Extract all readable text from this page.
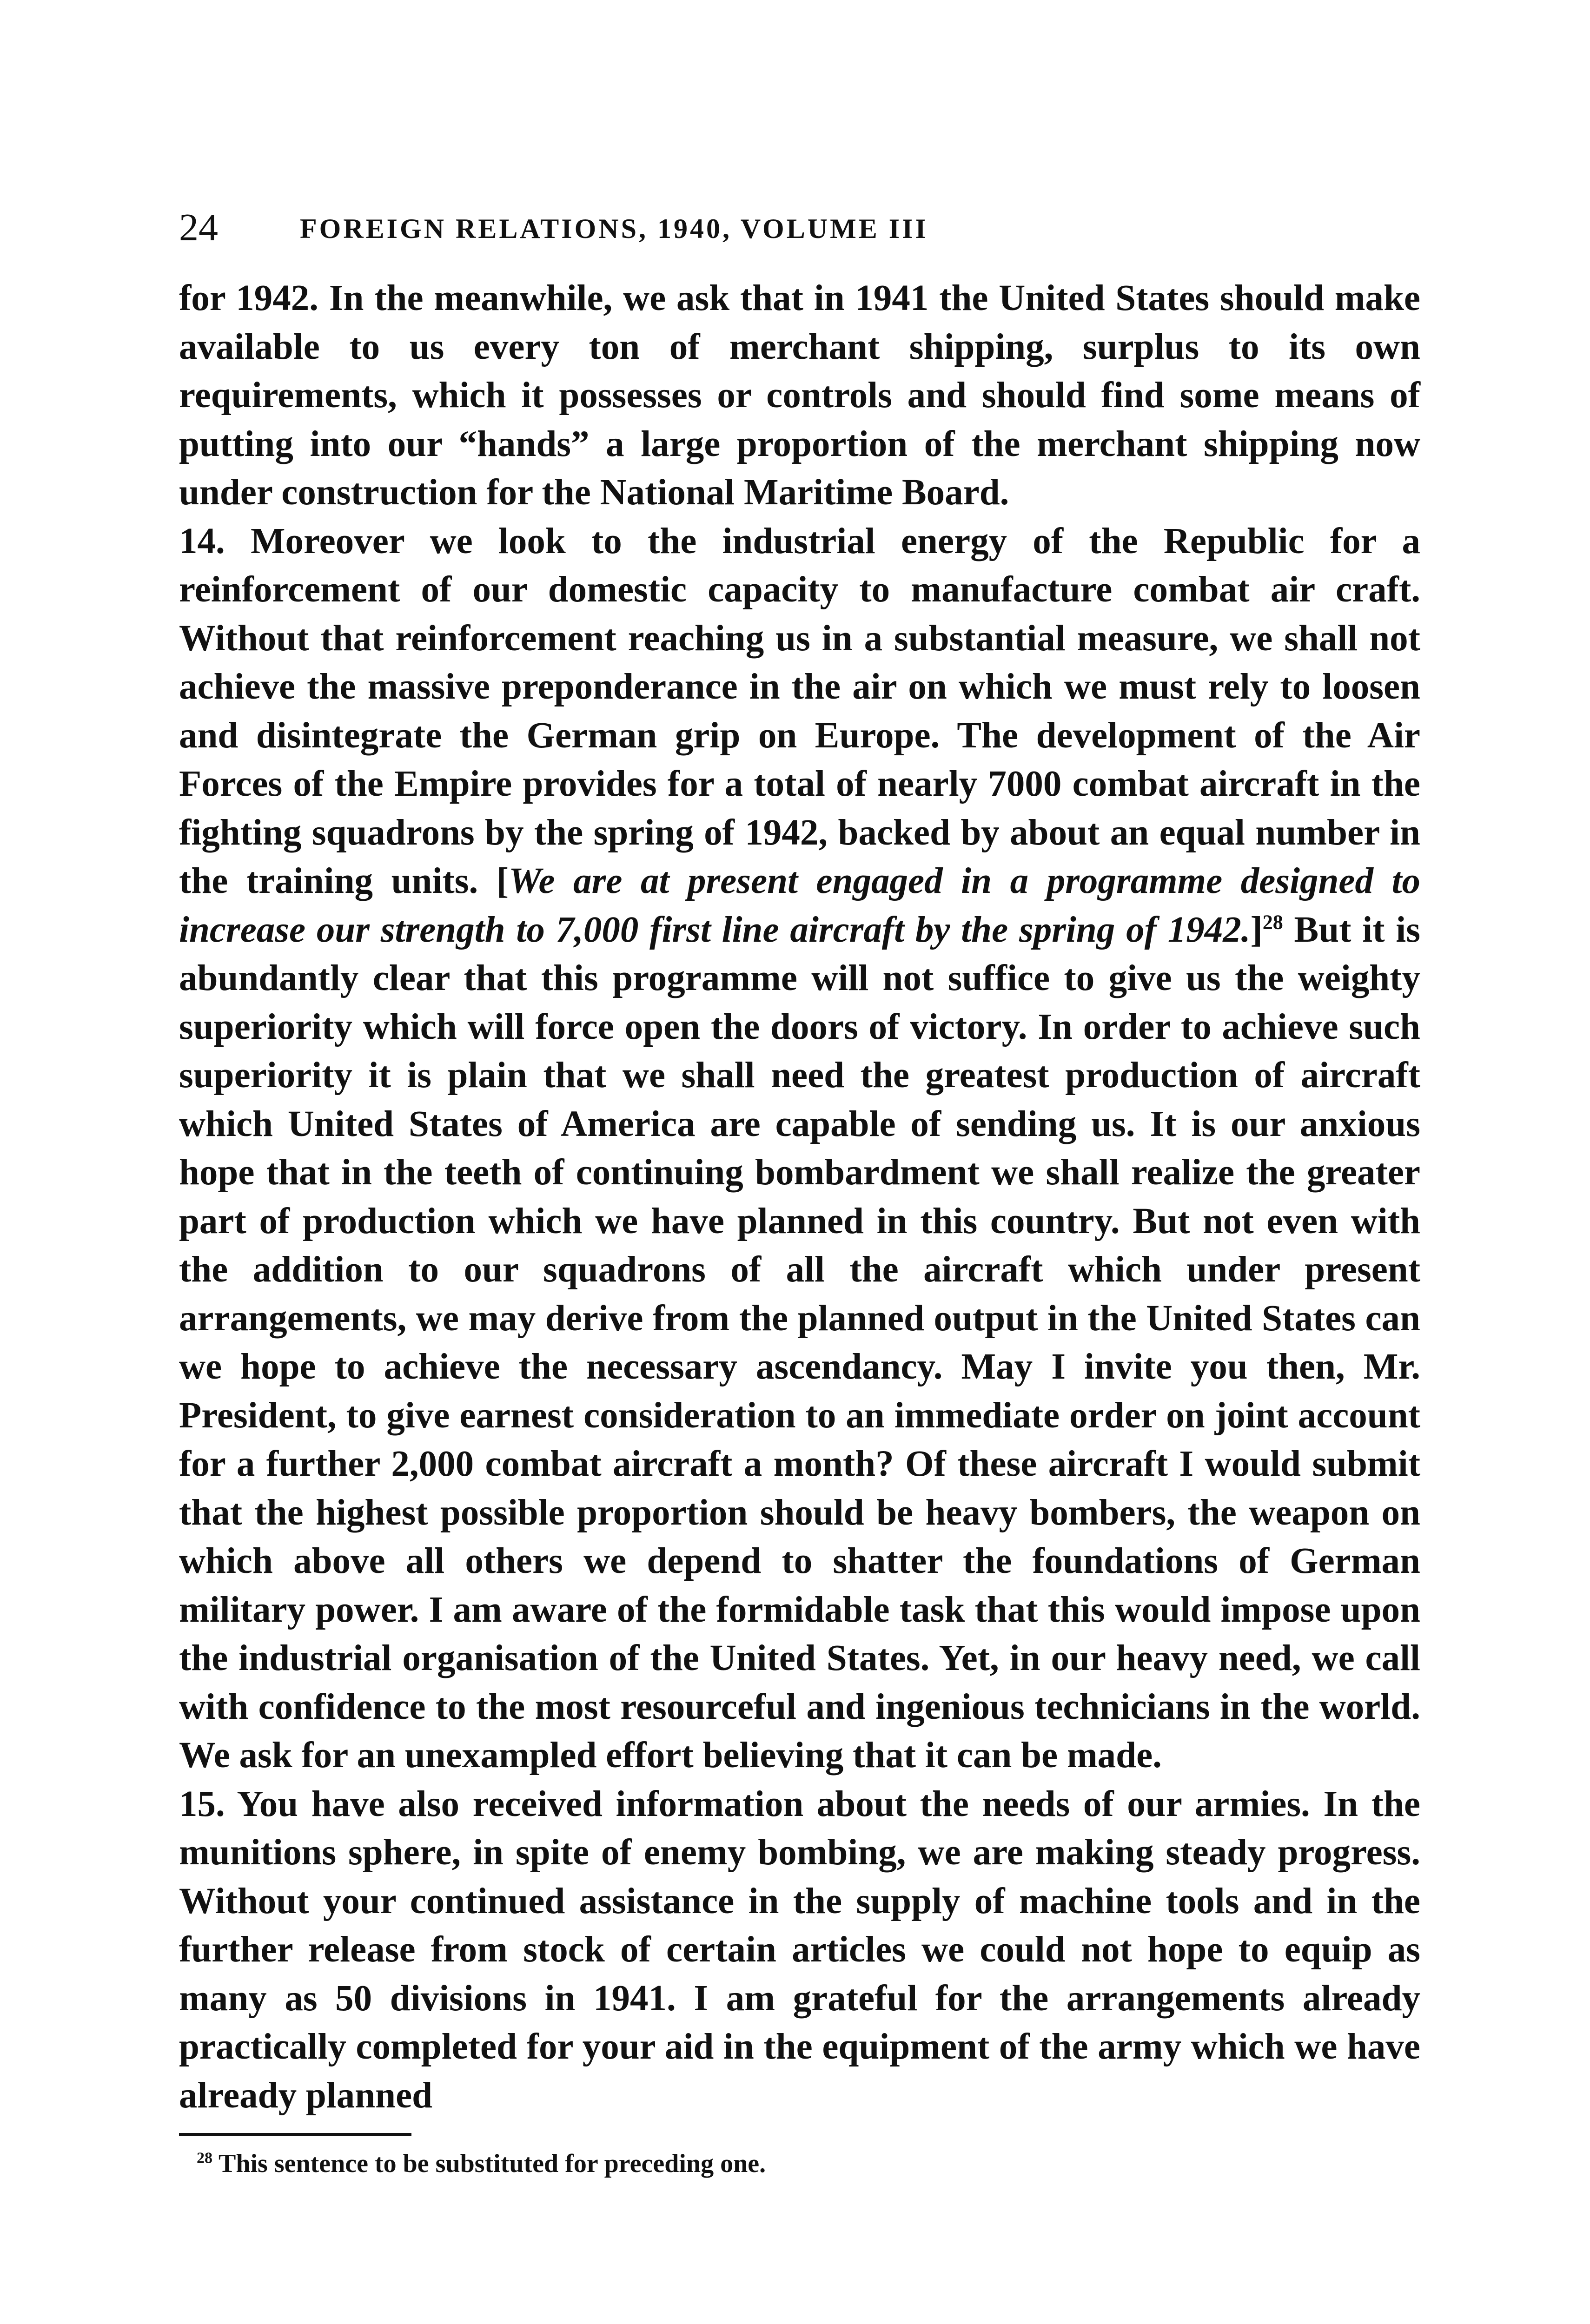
24	FOREIGN RELATIONS, 1940, VOLUME III

for 1942. In the meanwhile, we ask that in 1941 the United States should make available to us every ton of merchant shipping, surplus to its own requirements, which it possesses or controls and should find some means of putting into our “hands” a large proportion of the merchant shipping now under construction for the National Maritime Board.

14. Moreover we look to the industrial energy of the Republic for a reinforcement of our domestic capacity to manufacture combat air craft. Without that reinforcement reaching us in a substantial measure, we shall not achieve the massive preponderance in the air on which we must rely to loosen and disintegrate the German grip on Europe. The development of the Air Forces of the Empire provides for a total of nearly 7000 combat aircraft in the fighting squadrons by the spring of 1942, backed by about an equal number in the training units. [We are at present engaged in a programme designed to increase our strength to 7,000 first line aircraft by the spring of 1942.]$^{28}$ But it is abundantly clear that this programme will not suffice to give us the weighty superiority which will force open the doors of victory. In order to achieve such superiority it is plain that we shall need the greatest production of aircraft which United States of America are capable of sending us. It is our anxious hope that in the teeth of continuing bombardment we shall realize the greater part of production which we have planned in this country. But not even with the addition to our squadrons of all the aircraft which under present arrangements, we may derive from the planned output in the United States can we hope to achieve the necessary ascendancy. May I invite you then, Mr. President, to give earnest consideration to an immediate order on joint account for a further 2,000 combat aircraft a month? Of these aircraft I would submit that the highest possible proportion should be heavy bombers, the weapon on which above all others we depend to shatter the foundations of German military power. I am aware of the formidable task that this would impose upon the industrial organisation of the United States. Yet, in our heavy need, we call with confidence to the most resourceful and ingenious technicians in the world. We ask for an unexampled effort believing that it can be made.

15. You have also received information about the needs of our armies. In the munitions sphere, in spite of enemy bombing, we are making steady progress. Without your continued assistance in the supply of machine tools and in the further release from stock of certain articles we could not hope to equip as many as 50 divisions in 1941. I am grateful for the arrangements already practically completed for your aid in the equipment of the army which we have already planned

$^{28}$ This sentence to be substituted for preceding one.
